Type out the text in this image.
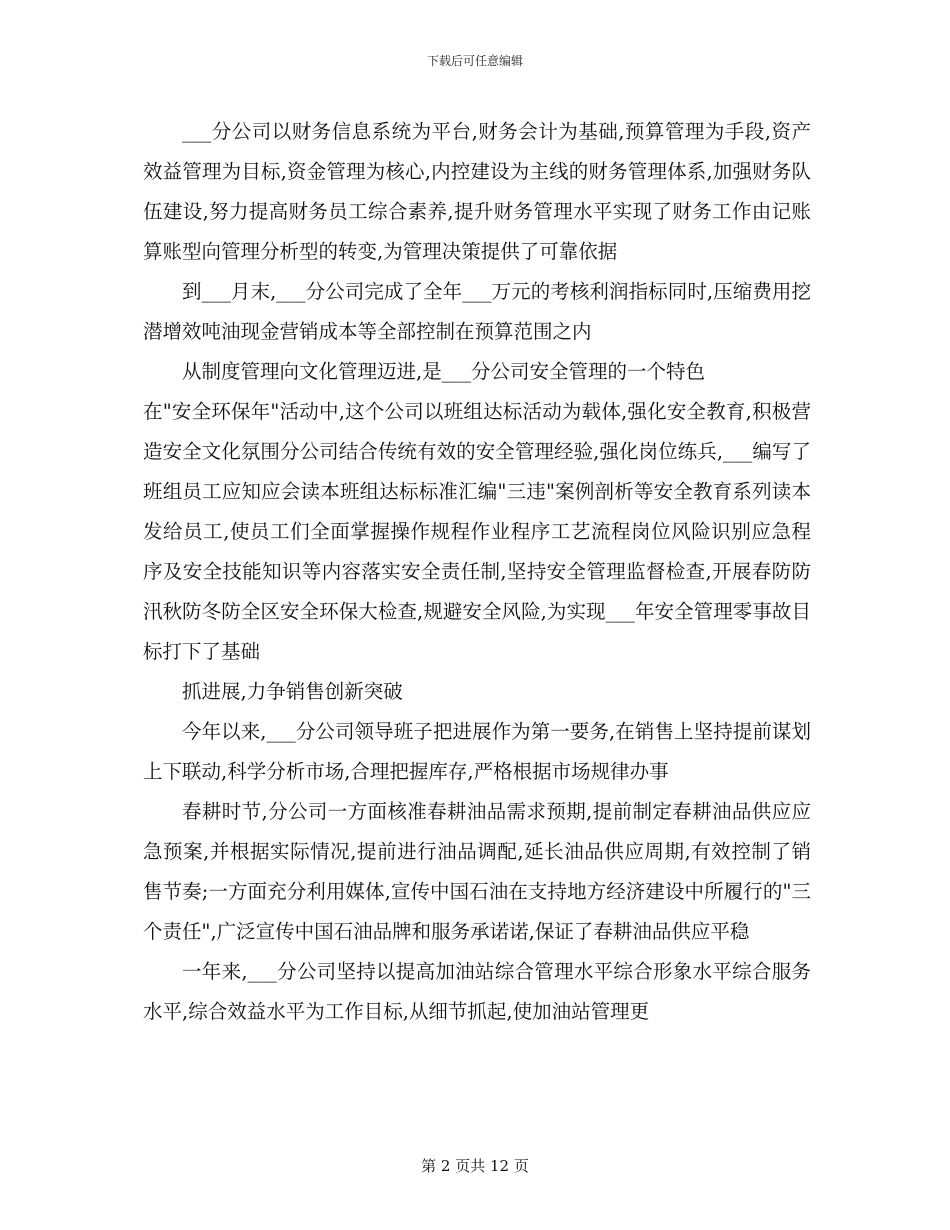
下载后可任意编辑

___分公司以财务信息系统为平台,财务会计为基础,预算管理为手段,资产效益管理为目标,资金管理为核心,内控建设为主线的财务管理体系,加强财务队伍建设,努力提高财务员工综合素养,提升财务管理水平实现了财务工作由记账算账型向管理分析型的转变,为管理决策提供了可靠依据

到___月末,___分公司完成了全年___万元的考核利润指标同时,压缩费用挖潜增效吨油现金营销成本等全部控制在预算范围之内

从制度管理向文化管理迈进,是___分公司安全管理的一个特色

在"安全环保年"活动中,这个公司以班组达标活动为载体,强化安全教育,积极营造安全文化氛围分公司结合传统有效的安全管理经验,强化岗位练兵,___编写了班组员工应知应会读本班组达标标准汇编"三违"案例剖析等安全教育系列读本发给员工,使员工们全面掌握操作规程作业程序工艺流程岗位风险识别应急程序及安全技能知识等内容落实安全责任制,坚持安全管理监督检查,开展春防防汛秋防冬防全区安全环保大检查,规避安全风险,为实现___年安全管理零事故目标打下了基础

抓进展,力争销售创新突破

今年以来,___分公司领导班子把进展作为第一要务,在销售上坚持提前谋划上下联动,科学分析市场,合理把握库存,严格根据市场规律办事

春耕时节,分公司一方面核准春耕油品需求预期,提前制定春耕油品供应应急预案,并根据实际情况,提前进行油品调配,延长油品供应周期,有效控制了销售节奏;一方面充分利用媒体,宣传中国石油在支持地方经济建设中所履行的"三个责任",广泛宣传中国石油品牌和服务承诺诺,保证了春耕油品供应平稳

一年来,___分公司坚持以提高加油站综合管理水平综合形象水平综合服务水平,综合效益水平为工作目标,从细节抓起,使加油站管理更

第 2 页共 12 页
